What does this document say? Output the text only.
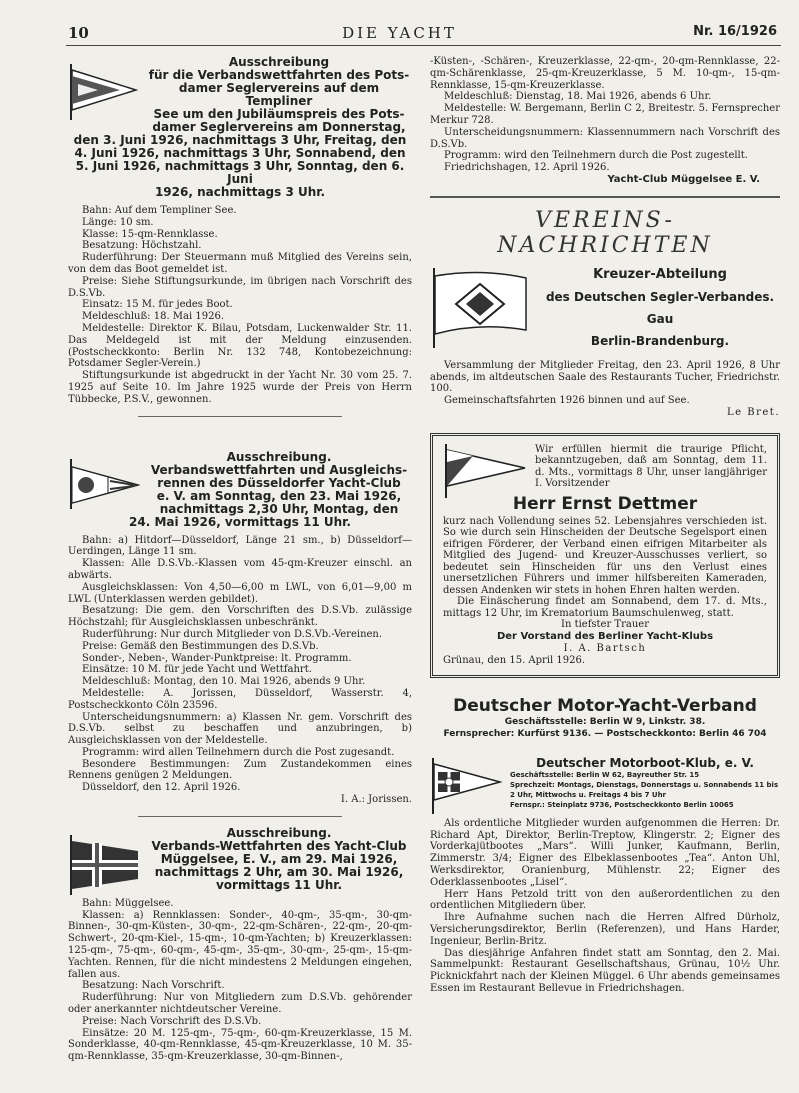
10	DIE YACHT	Nr. 16/1926
Ausschreibung
für die Verbandswettfahrten des Pots-
damer Seglervereins auf dem Templiner
See um den Jubiläumspreis des Pots-
damer Seglervereins am Donnerstag,
den 3. Juni 1926, nachmittags 3 Uhr, Freitag, den
4. Juni 1926, nachmittags 3 Uhr, Sonnabend, den
5. Juni 1926, nachmittags 3 Uhr, Sonntag, den 6. Juni
1926, nachmittags 3 Uhr.

Bahn: Auf dem Templiner See.

Länge: 10 sm.

Klasse: 15-qm-Rennklasse.

Besatzung: Höchstzahl.

Ruderführung: Der Steuermann muß Mitglied des Vereins sein, von dem das Boot gemeldet ist.

Preise: Siehe Stiftungsurkunde, im übrigen nach Vorschrift des D.S.Vb.

Einsatz: 15 M. für jedes Boot.

Meldeschluß: 18. Mai 1926.

Meldestelle: Direktor K. Bilau, Potsdam, Luckenwalder Str. 11. Das Meldegeld ist mit der Meldung einzusenden. (Postscheckkonto: Berlin Nr. 132 748, Kontobezeichnung: Potsdamer Segler-Verein.)

Stiftungsurkunde ist abgedruckt in der Yacht Nr. 30 vom 25. 7. 1925 auf Seite 10. Im Jahre 1925 wurde der Preis von Herrn Tübbecke, P.S.V., gewonnen.

Ausschreibung.
Verbandswettfahrten und Ausgleichs-
rennen des Düsseldorfer Yacht-Club
e. V. am Sonntag, den 23. Mai 1926,
nachmittags 2,30 Uhr, Montag, den
24. Mai 1926, vormittags 11 Uhr.

Bahn: a) Hitdorf—Düsseldorf, Länge 21 sm., b) Düsseldorf—Uerdingen, Länge 11 sm.

Klassen: Alle D.S.Vb.-Klassen vom 45-qm-Kreuzer einschl. an abwärts.

Ausgleichsklassen: Von 4,50—6,00 m LWL, von 6,01—9,00 m LWL (Unterklassen werden gebildet).

Besatzung: Die gem. den Vorschriften des D.S.Vb. zulässige Höchstzahl; für Ausgleichsklassen unbeschränkt.

Ruderführung: Nur durch Mitglieder von D.S.Vb.-Vereinen.

Preise: Gemäß den Bestimmungen des D.S.Vb.

Sonder-, Neben-, Wander-Punktpreise: lt. Programm.

Einsätze: 10 M. für jede Yacht und Wettfahrt.

Meldeschluß: Montag, den 10. Mai 1926, abends 9 Uhr.

Meldestelle: A. Jorissen, Düsseldorf, Wasserstr. 4, Postscheckkonto Cöln 23596.

Unterscheidungsnummern: a) Klassen Nr. gem. Vorschrift des D.S.Vb. selbst zu beschaffen und anzubringen, b) Ausgleichsklassen von der Meldestelle.

Programm: wird allen Teilnehmern durch die Post zugesandt.

Besondere Bestimmungen: Zum Zustandekommen eines Rennens genügen 2 Meldungen.

Düsseldorf, den 12. April 1926.

I. A.: Jorissen.

Ausschreibung.
Verbands-Wettfahrten des Yacht-Club
Müggelsee, E. V., am 29. Mai 1926,
nachmittags 2 Uhr, am 30. Mai 1926,
vormittags 11 Uhr.

Bahn: Müggelsee.

Klassen: a) Rennklassen: Sonder-, 40-qm-, 35-qm-, 30-qm-Binnen-, 30-qm-Küsten-, 30-qm-, 22-qm-Schären-, 22-qm-, 20-qm-Schwert-, 20-qm-Kiel-, 15-qm-, 10-qm-Yachten; b) Kreuzerklassen: 125-qm-, 75-qm-, 60-qm-, 45-qm-, 35-qm-, 30-qm-, 25-qm-, 15-qm-Yachten. Rennen, für die nicht mindestens 2 Meldungen eingehen, fallen aus.

Besatzung: Nach Vorschrift.

Ruderführung: Nur von Mitgliedern zum D.S.Vb. gehörender oder anerkannter nichtdeutscher Vereine.

Preise: Nach Vorschrift des D.S.Vb.

Einsätze: 20 M. 125-qm-, 75-qm-, 60-qm-Kreuzerklasse, 15 M. Sonderklasse, 40-qm-Rennklasse, 45-qm-Kreuzerklasse, 10 M. 35-qm-Rennklasse, 35-qm-Kreuzerklasse, 30-qm-Binnen-,

-Küsten-, -Schären-, Kreuzerklasse, 22-qm-, 20-qm-Rennklasse, 22-qm-Schärenklasse, 25-qm-Kreuzerklasse, 5 M. 10-qm-, 15-qm-Rennklasse, 15-qm-Kreuzerklasse.

Meldeschluß: Dienstag, 18. Mai 1926, abends 6 Uhr.

Meldestelle: W. Bergemann, Berlin C 2, Breitestr. 5. Fernsprecher Merkur 728.

Unterscheidungsnummern: Klassennummern nach Vorschrift des D.S.Vb.

Programm: wird den Teilnehmern durch die Post zugestellt.

Friedrichshagen, 12. April 1926.

Yacht-Club Müggelsee E. V.

VEREINS-NACHRICHTEN
Kreuzer-Abteilung
des Deutschen Segler-Verbandes.
Gau
Berlin-Brandenburg.

Versammlung der Mitglieder Freitag, den 23. April 1926, 8 Uhr abends, im altdeutschen Saale des Restaurants Tucher, Friedrichstr. 100.

Gemeinschaftsfahrten 1926 binnen und auf See.

Le Bret.

Wir erfüllen hiermit die traurige Pflicht, bekanntzugeben, daß am Sonntag, dem 11. d. Mts., vormittags 8 Uhr, unser langjähriger I. Vorsitzender
Herr Ernst Dettmer
kurz nach Vollendung seines 52. Lebensjahres verschieden ist. So wie durch sein Hinscheiden der Deutsche Segelsport einen eifrigen Förderer, der Verband einen eifrigen Mitarbeiter als Mitglied des Jugend- und Kreuzer-Ausschusses verliert, so bedeutet sein Hinscheiden für uns den Verlust eines unersetzlichen Führers und immer hilfsbereiten Kameraden, dessen Andenken wir stets in hohen Ehren halten werden.
Die Einäscherung findet am Sonnabend, dem 17. d. Mts., mittags 12 Uhr, im Krematorium Baumschulenweg, statt.
In tiefster Trauer
Der Vorstand des Berliner Yacht-Klubs
I. A. Bartsch
Grünau, den 15. April 1926.
Deutscher Motor-Yacht-Verband
Geschäftsstelle: Berlin W 9, Linkstr. 38.
Fernsprecher: Kurfürst 9136. — Postscheckkonto: Berlin 46 704
Deutscher Motorboot-Klub, e. V.
Geschäftsstelle: Berlin W 62, Bayreuther Str. 15
Sprechzeit: Montags, Dienstags, Donnerstags u. Sonnabends 11 bis 2 Uhr, Mittwochs u. Freitags 4 bis 7 Uhr
Fernspr.: Steinplatz 9736, Postscheckkonto Berlin 10065

Als ordentliche Mitglieder wurden aufgenommen die Herren: Dr. Richard Apt, Direktor, Berlin-Treptow, Klingerstr. 2; Eigner des Vorderkajütbootes „Mars“. Willi Junker, Kaufmann, Berlin, Zimmerstr. 3/4; Eigner des Elbeklassenbootes „Tea“. Anton Uhl, Werksdirektor, Oranienburg, Mühlenstr. 22; Eigner des Oderklassenbootes „Lisel“.

Herr Hans Petzold tritt von den außerordentlichen zu den ordentlichen Mitgliedern über.

Ihre Aufnahme suchen nach die Herren Alfred Dürholz, Versicherungsdirektor, Berlin (Referenzen), und Hans Harder, Ingenieur, Berlin-Britz.

Das diesjährige Anfahren findet statt am Sonntag, den 2. Mai. Sammelpunkt: Restaurant Gesellschaftshaus, Grünau, 10½ Uhr. Picknickfahrt nach der Kleinen Müggel. 6 Uhr abends gemeinsames Essen im Restaurant Bellevue in Friedrichshagen.
